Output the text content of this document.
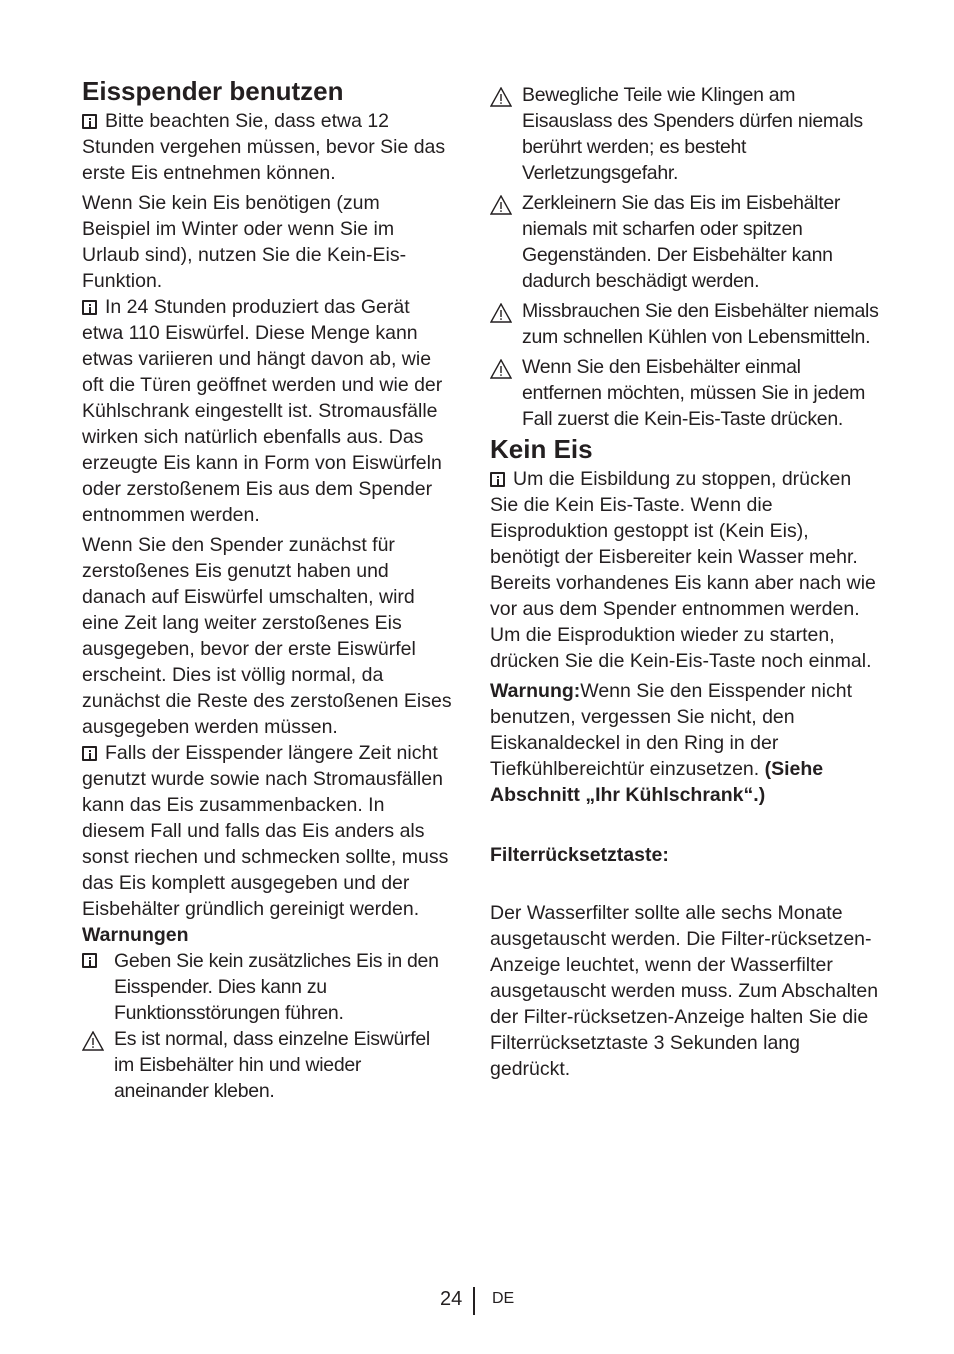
Eisspender benutzen

Bitte beachten Sie, dass etwa 12 Stunden vergehen müssen, bevor Sie das erste Eis entnehmen können.

Wenn Sie kein Eis benötigen (zum Beispiel im Winter oder wenn Sie im Urlaub sind), nutzen Sie die Kein-Eis-Funktion.

In 24 Stunden produziert das Gerät etwa 110 Eiswürfel. Diese Menge kann etwas variieren und hängt davon ab, wie oft die Türen geöffnet werden und wie der Kühlschrank eingestellt ist. Stromausfälle wirken sich natürlich ebenfalls aus. Das erzeugte Eis kann in Form von Eiswürfeln oder zerstoßenem Eis aus dem Spender entnommen werden.

Wenn Sie den Spender zunächst für zerstoßenes Eis genutzt haben und danach auf Eiswürfel umschalten, wird eine Zeit lang weiter zerstoßenes Eis ausgegeben, bevor der erste Eiswürfel erscheint. Dies ist völlig normal, da zunächst die Reste des zerstoßenen Eises ausgegeben werden müssen.

Falls der Eisspender längere Zeit nicht genutzt wurde sowie nach Stromausfällen kann das Eis zusammenbacken. In diesem Fall und falls das Eis anders als sonst riechen und schmecken sollte, muss das Eis komplett ausgegeben und der Eisbehälter gründlich gereinigt werden.

Warnungen

Geben Sie kein zusätzliches Eis in den Eisspender. Dies kann zu Funktionsstörungen führen.
Es ist normal, dass einzelne Eiswürfel im Eisbehälter hin und wieder aneinander kleben.
Bewegliche Teile wie Klingen am Eisauslass des Spenders dürfen niemals berührt werden; es besteht Verletzungsgefahr.
Zerkleinern Sie das Eis im Eisbehälter niemals mit scharfen oder spitzen Gegenständen. Der Eisbehälter kann dadurch beschädigt werden.
Missbrauchen Sie den Eisbehälter niemals zum schnellen Kühlen von Lebensmitteln.
Wenn Sie den Eisbehälter einmal entfernen möchten, müssen Sie in jedem Fall zuerst die Kein-Eis-Taste drücken.
Kein Eis

Um die Eisbildung zu stoppen, drücken Sie die Kein Eis-Taste. Wenn die Eisproduktion gestoppt ist (Kein Eis), benötigt der Eisbereiter kein Wasser mehr. Bereits vorhandenes Eis kann aber nach wie vor aus dem Spender entnommen werden. Um die Eisproduktion wieder zu starten, drücken Sie die Kein-Eis-Taste noch einmal.

Warnung:Wenn Sie den Eisspender nicht benutzen, vergessen Sie nicht, den Eiskanaldeckel in den Ring in der Tiefkühlbereichtür einzusetzen. (Siehe Abschnitt „Ihr Kühlschrank“.)

Filterrücksetztaste:

Der Wasserfilter sollte alle sechs Monate ausgetauscht werden. Die Filter-rücksetzen-Anzeige leuchtet, wenn der Wasserfilter ausgetauscht werden muss. Zum Abschalten der Filter-rücksetzen-Anzeige halten Sie die Filterrücksetztaste 3 Sekunden lang gedrückt.

24 DE
